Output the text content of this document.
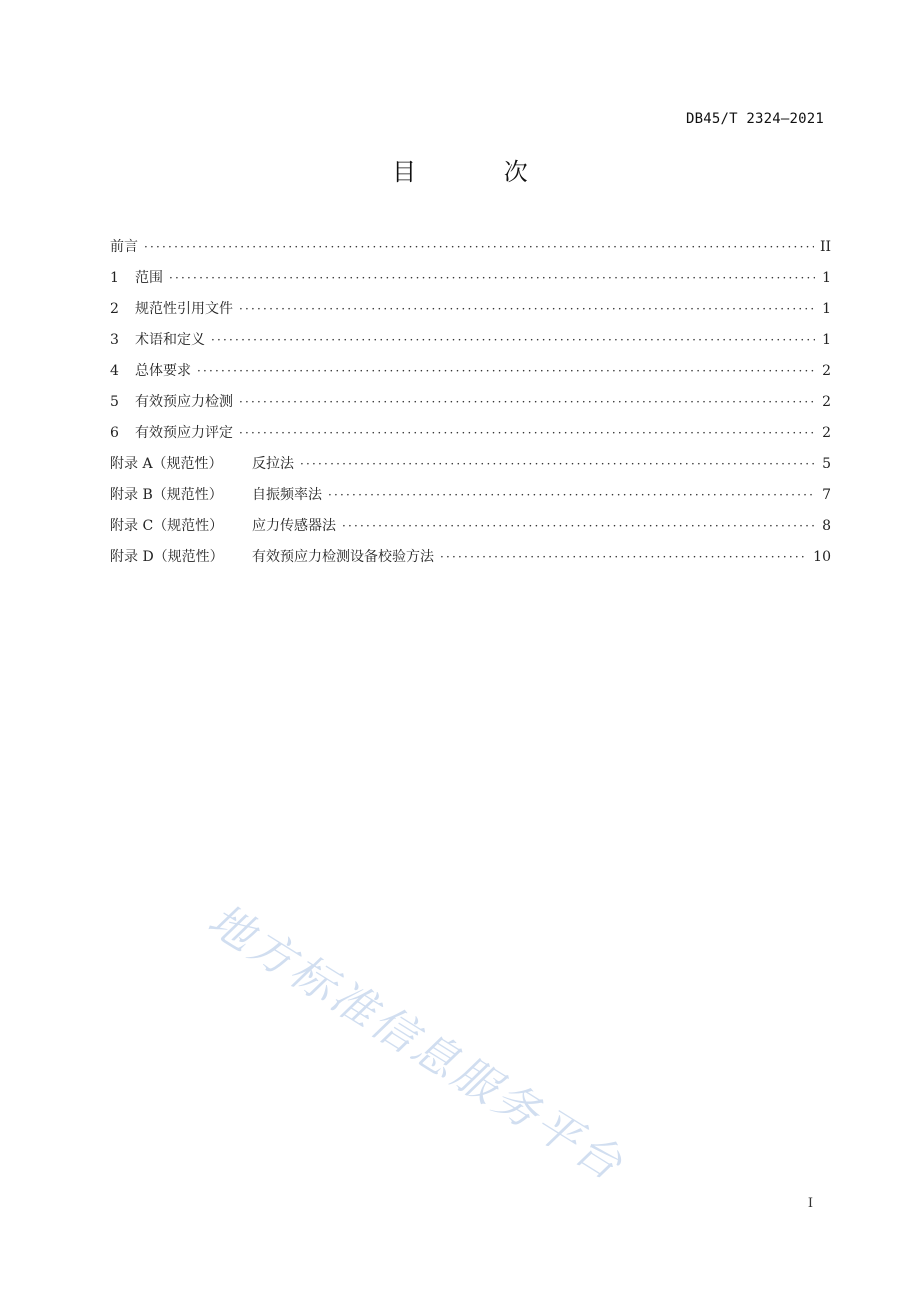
DB45/T 2324—2021
目 次
前言 ·····	II
1	范围 ·····	1
2	规范性引用文件 ·····	1
3	术语和定义 ·····	1
4	总体要求 ·····	2
5	有效预应力检测 ·····	2
6	有效预应力评定 ·····	2
附录 A（规范性）	反拉法 ·····	5
附录 B（规范性）	自振频率法 ·····	7
附录 C（规范性）	应力传感器法 ·····	8
附录 D（规范性）	有效预应力检测设备校验方法 ·····	10
地方标准信息服务平台
I
